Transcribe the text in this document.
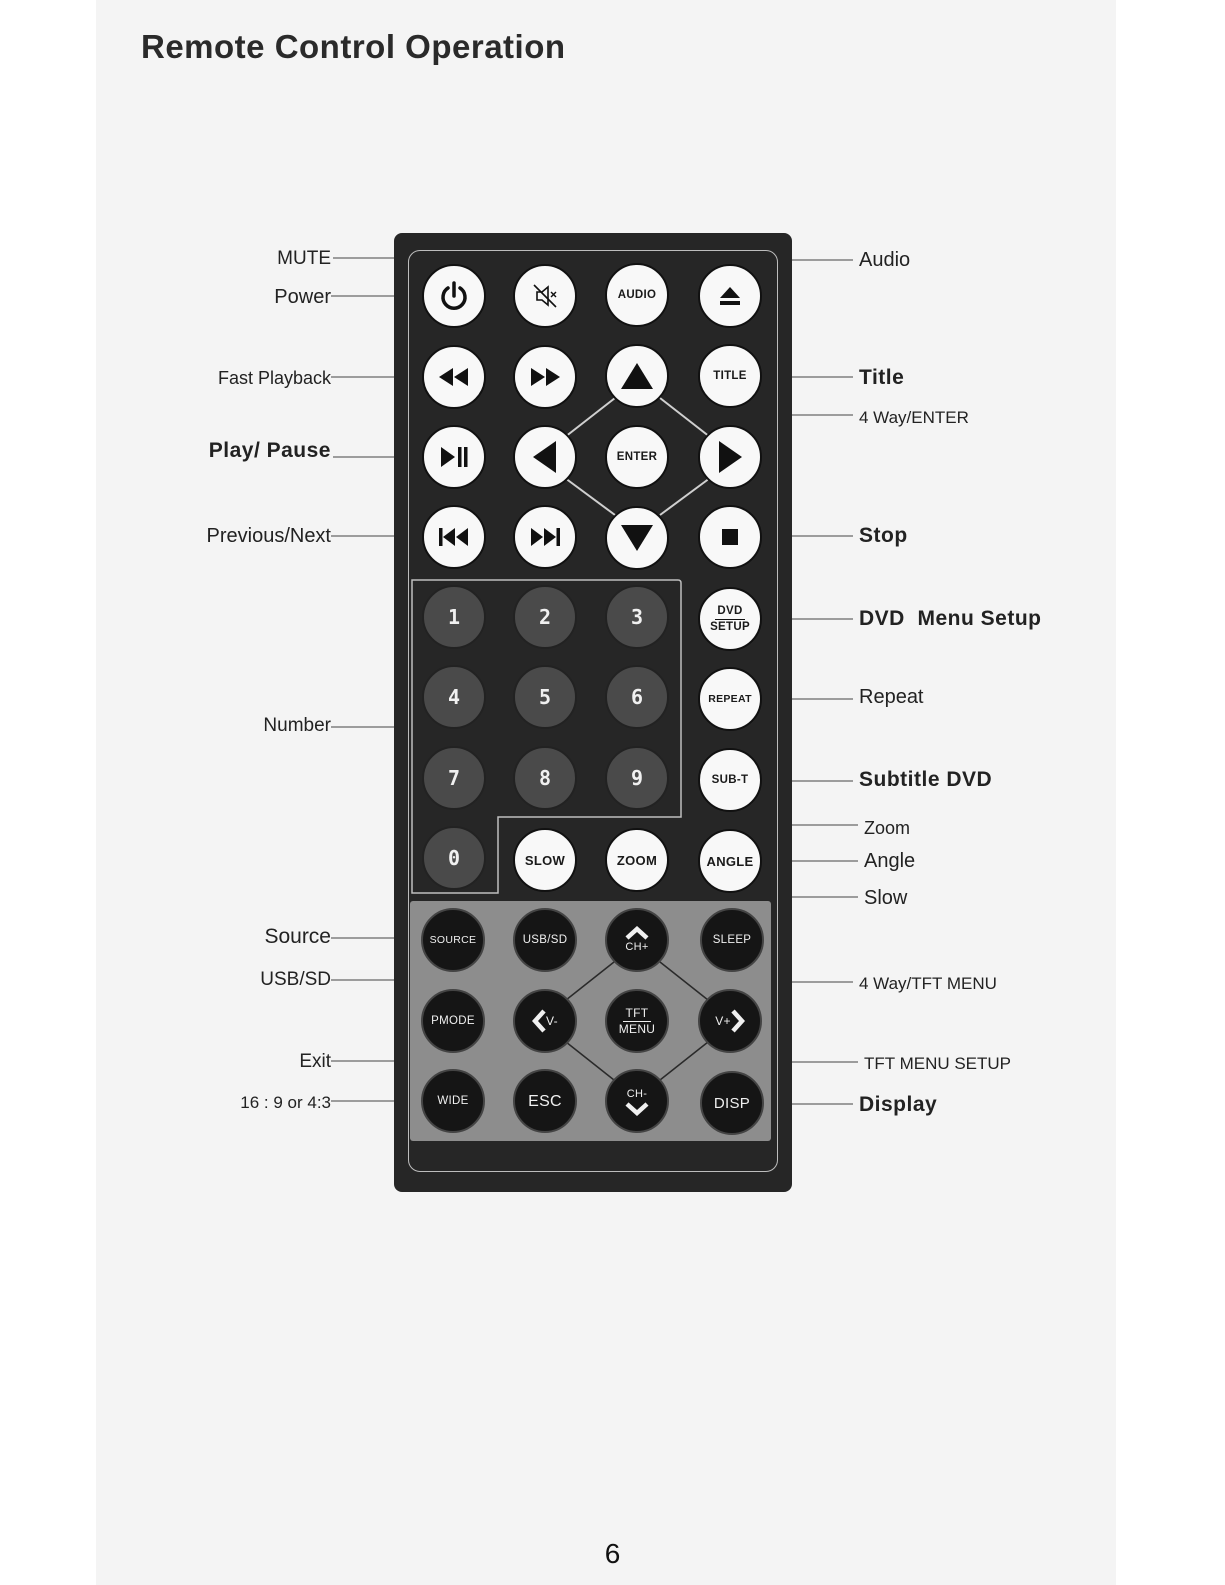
Remote Control Operation
MUTE
Power
Fast Playback
Play/ Pause
Previous/Next
Number
Source
USB/SD
Exit
16 : 9 or 4:3
Audio
Title
4 Way/ENTER
Stop
DVD  Menu Setup
Repeat
Subtitle DVD
Zoom
Angle
Slow
4 Way/TFT MENU
TFT MENU SETUP
Display
AUDIO
TITLE
ENTER
1	2	3	DVD
SETUP
4	5	6	REPEAT
7	8	9	SUB-T
0	SLOW	ZOOM	ANGLE
SOURCE	USB/SD
CH+
SLEEP
PMODE	V-
TFT
MENU
V+
WIDE	ESC	CH-
DISP
6
